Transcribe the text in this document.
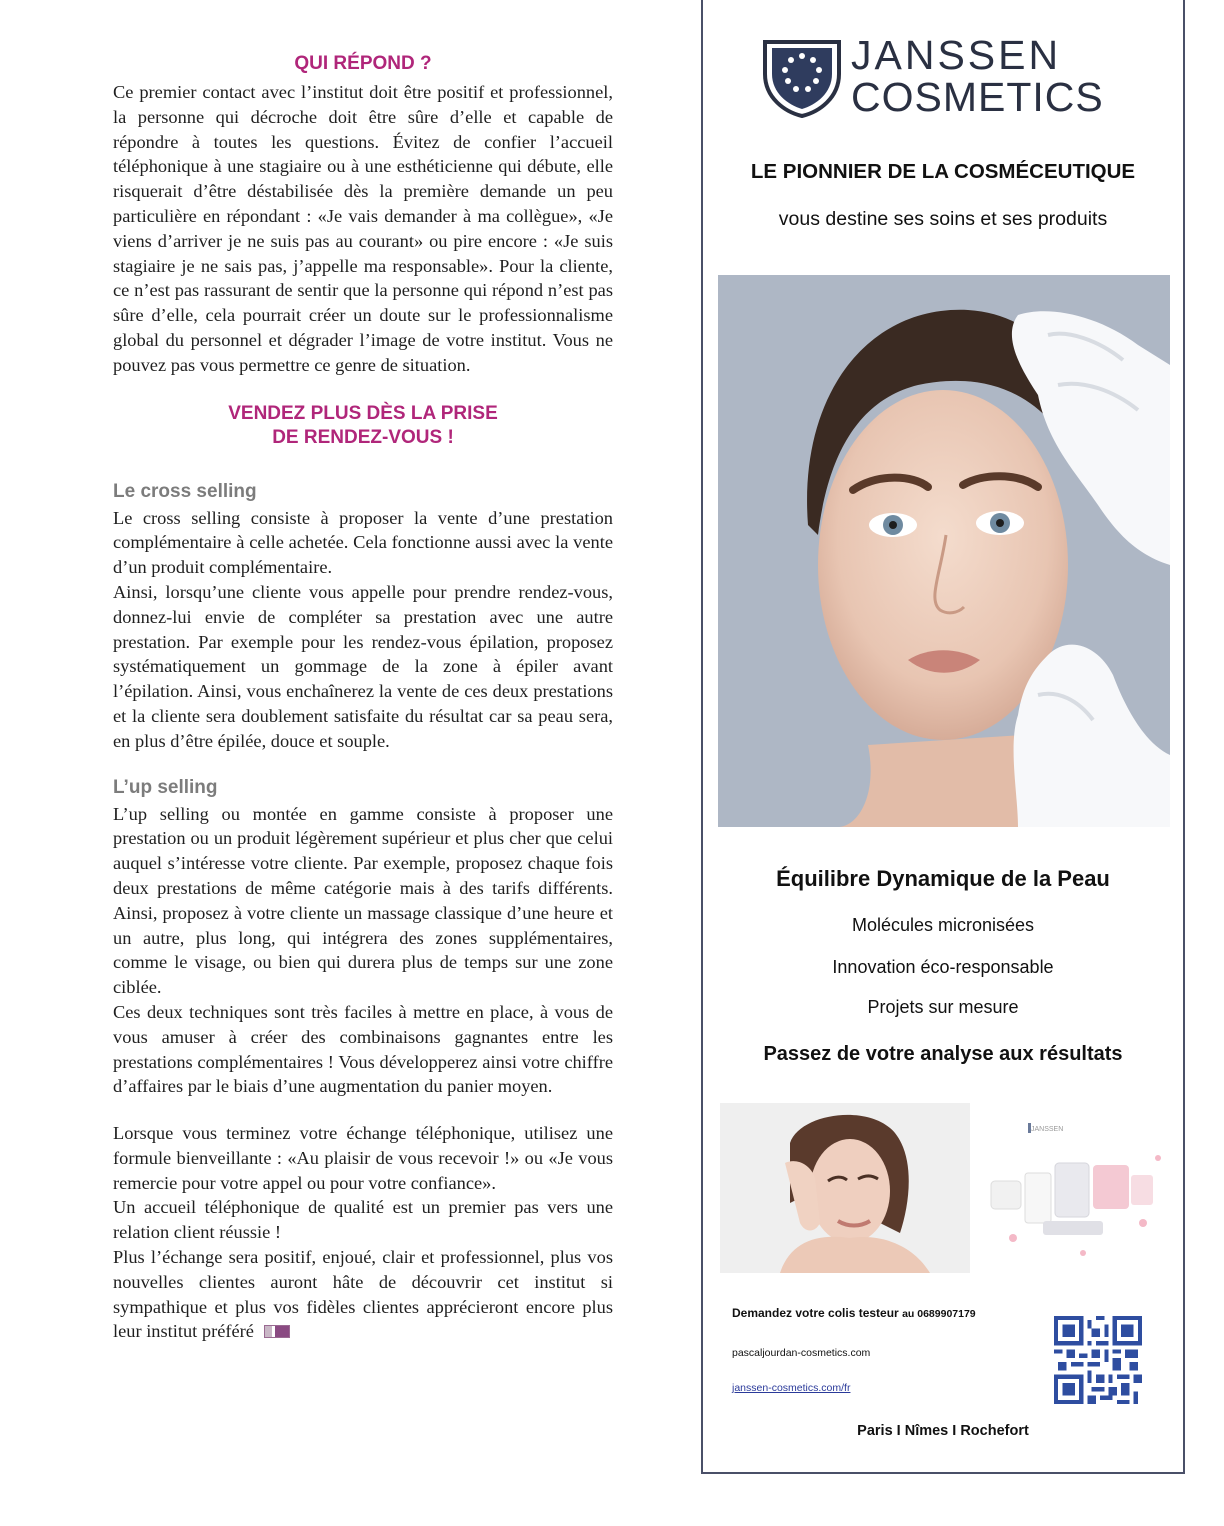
QUI RÉPOND ?

Ce premier contact avec l’institut doit être positif et professionnel, la personne qui décroche doit être sûre d’elle et capable de répondre à toutes les questions. Évitez de confier l’accueil téléphonique à une stagiaire ou à une esthéticienne qui débute, elle risquerait d’être déstabilisée dès la première demande un peu particulière en répondant : «Je vais demander à ma collègue», «Je viens d’arriver je ne suis pas au courant» ou pire encore : «Je suis stagiaire je ne sais pas, j’appelle ma responsable». Pour la cliente, ce n’est pas rassurant de sentir que la personne qui répond n’est pas sûre d’elle, cela pourrait créer un doute sur le professionnalisme global du personnel et dégrader l’image de votre institut. Vous ne pouvez pas vous permettre ce genre de situation.

VENDEZ PLUS DÈS LA PRISE
DE RENDEZ-VOUS !
Le cross selling

Le cross selling consiste à proposer la vente d’une prestation complémentaire à celle achetée. Cela fonctionne aussi avec la vente d’un produit complémentaire.

Ainsi, lorsqu’une cliente vous appelle pour prendre rendez-vous, donnez-lui envie de compléter sa prestation avec une autre prestation. Par exemple pour les rendez-vous épilation, proposez systématiquement un gommage de la zone à épiler avant l’épilation. Ainsi, vous enchaînerez la vente de ces deux prestations et la cliente sera doublement satisfaite du résultat car sa peau sera, en plus d’être épilée, douce et souple.

L’up selling

L’up selling ou montée en gamme consiste à proposer une prestation ou un produit légèrement supérieur et plus cher que celui auquel s’intéresse votre cliente. Par exemple, proposez chaque fois deux prestations de même catégorie mais à des tarifs différents. Ainsi, proposez à votre cliente un massage classique d’une heure et un autre, plus long, qui intégrera des zones supplémentaires, comme le visage, ou bien qui durera plus de temps sur une zone ciblée.

Ces deux techniques sont très faciles à mettre en place, à vous de vous amuser à créer des combinaisons gagnantes entre les prestations complémentaires ! Vous développerez ainsi votre chiffre d’affaires par le biais d’une augmentation du panier moyen.

Lorsque vous terminez votre échange téléphonique, utilisez une formule bienveillante : «Au plaisir de vous recevoir !» ou «Je vous remercie pour votre appel ou pour votre confiance».

Un accueil téléphonique de qualité est un premier pas vers une relation client réussie !

Plus l’échange sera positif, enjoué, clair et professionnel, plus vos nouvelles clientes auront hâte de découvrir cet institut si sympathique et plus vos fidèles clientes apprécieront encore plus leur institut préféré

JANSSEN
COSMETICS
LE PIONNIER DE LA COSMÉCEUTIQUE
vous destine ses soins et ses produits
Équilibre Dynamique de la Peau
Molécules micronisées
Innovation éco-responsable
Projets sur mesure
Passez de votre analyse aux résultats
JANSSEN
Demandez votre colis testeur au 0689907179
pascaljourdan-cosmetics.com
janssen-cosmetics.com/fr
Paris I Nîmes I Rochefort
